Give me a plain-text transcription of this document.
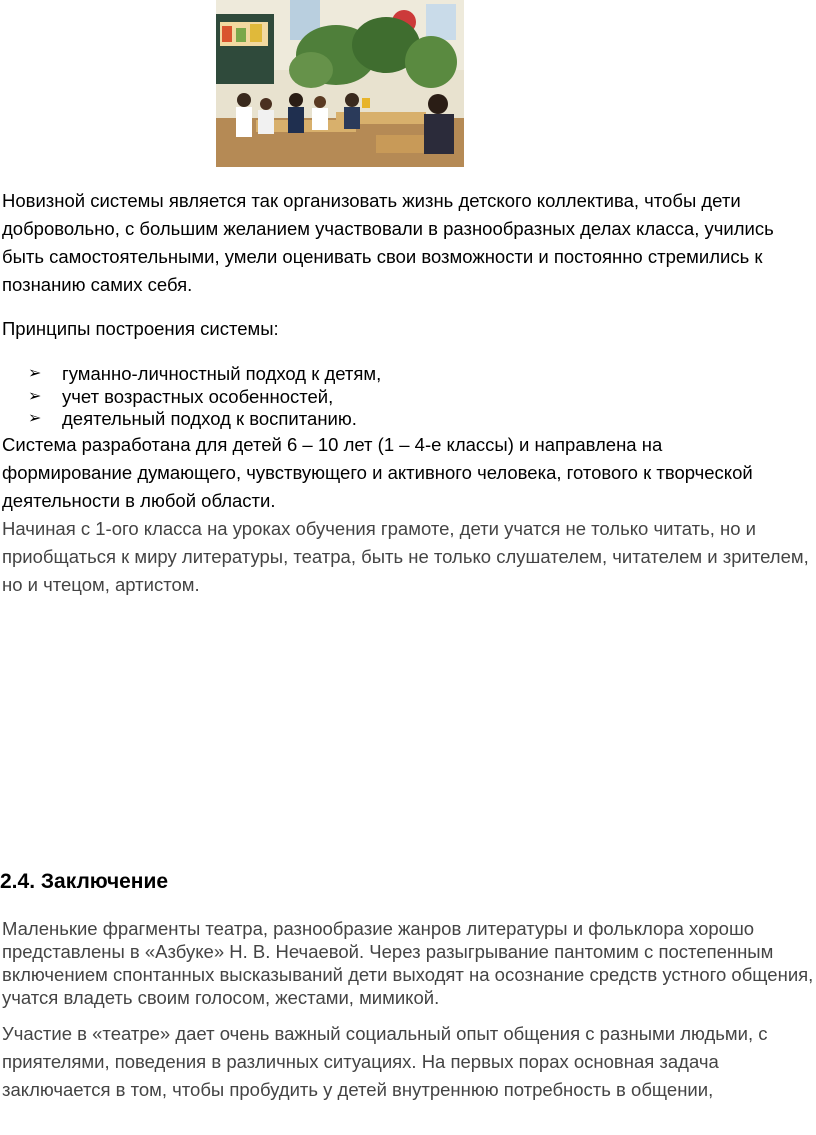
Новизной системы является так организовать жизнь детского коллектива, чтобы дети добровольно, с большим желанием участвовали в разнообразных делах класса, учились быть самостоятельными, умели оценивать свои возможности и постоянно стремились к познанию самих себя.

Принципы построения системы:

➢	гуманно-личностный подход к детям,
➢	учет возрастных особенностей,
➢	деятельный подход к воспитанию.

Система разработана для детей 6 – 10 лет (1 – 4-е классы) и направлена на формирование думающего, чувствующего и активного человека, готового к творческой деятельности в любой области.

Начиная с 1-ого класса на уроках обучения грамоте, дети учатся не только читать, но и приобщаться к миру литературы, театра, быть не только слушателем, читателем и зрителем, но и чтецом, артистом.

2.4. Заключение

Маленькие фрагменты театра, разнообразие жанров литературы и фольклора хорошо представлены в «Азбуке» Н. В. Нечаевой. Через разыгрывание пантомим с постепенным включением спонтанных высказываний дети выходят на осознание средств устного общения, учатся владеть своим голосом, жестами, мимикой.

Участие в «театре» дает очень важный социальный опыт общения с разными людьми, с приятелями, поведения в различных ситуациях. На первых порах основная задача заключается в том, чтобы пробудить у детей внутреннюю потребность в общении,
